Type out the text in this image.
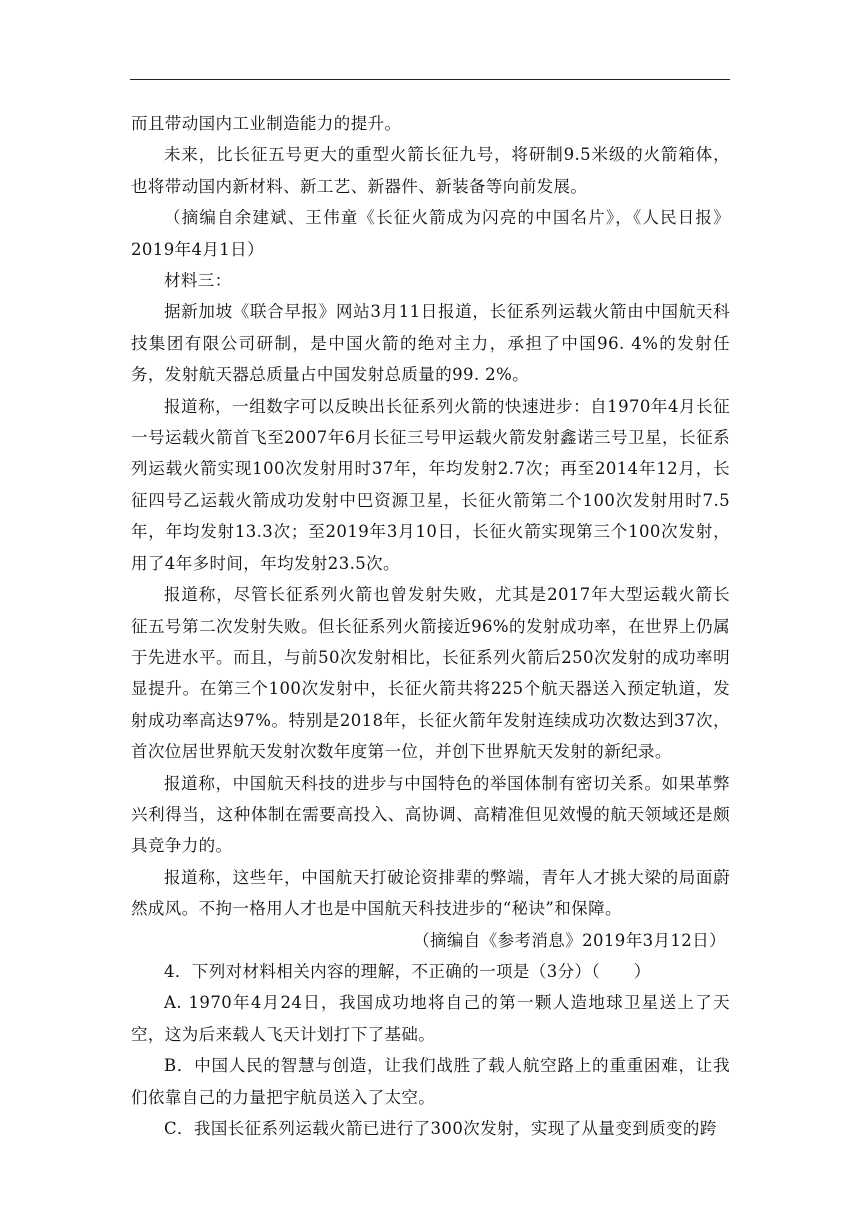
而且带动国内工业制造能力的提升。

未来，比长征五号更大的重型火箭长征九号，将研制9.5米级的火箭箱体，也将带动国内新材料、新工艺、新器件、新装备等向前发展。

（摘编自余建斌、王伟童《长征火箭成为闪亮的中国名片》，《人民日报》2019年4月1日）

材料三：

据新加坡《联合早报》网站3月11日报道，长征系列运载火箭由中国航天科技集团有限公司研制，是中国火箭的绝对主力，承担了中国96. 4%的发射任务，发射航天器总质量占中国发射总质量的99. 2%。

报道称，一组数字可以反映出长征系列火箭的快速进步：自1970年4月长征一号运载火箭首飞至2007年6月长征三号甲运载火箭发射鑫诺三号卫星，长征系列运载火箭实现100次发射用时37年，年均发射2.7次；再至2014年12月，长征四号乙运载火箭成功发射中巴资源卫星，长征火箭第二个100次发射用时7.5年，年均发射13.3次；至2019年3月10日，长征火箭实现第三个100次发射，用了4年多时间，年均发射23.5次。

报道称，尽管长征系列火箭也曾发射失败，尤其是2017年大型运载火箭长征五号第二次发射失败。但长征系列火箭接近96%的发射成功率，在世界上仍属于先进水平。而且，与前50次发射相比，长征系列火箭后250次发射的成功率明显提升。在第三个100次发射中，长征火箭共将225个航天器送入预定轨道，发射成功率高达97%。特别是2018年，长征火箭年发射连续成功次数达到37次，首次位居世界航天发射次数年度第一位，并创下世界航天发射的新纪录。

报道称，中国航天科技的进步与中国特色的举国体制有密切关系。如果革弊兴利得当，这种体制在需要高投入、高协调、高精准但见效慢的航天领域还是颇具竞争力的。

报道称，这些年，中国航天打破论资排辈的弊端，青年人才挑大梁的局面蔚然成风。不拘一格用人才也是中国航天科技进步的“秘诀”和保障。

（摘编自《参考消息》2019年3月12日）

4．下列对材料相关内容的理解，不正确的一项是（3分）（　　）

A. 1970年4月24日，我国成功地将自己的第一颗人造地球卫星送上了天空，这为后来载人飞天计划打下了基础。

B．中国人民的智慧与创造，让我们战胜了载人航空路上的重重困难，让我们依靠自己的力量把宇航员送入了太空。

C．我国长征系列运载火箭已进行了300次发射，实现了从量变到质变的跨
